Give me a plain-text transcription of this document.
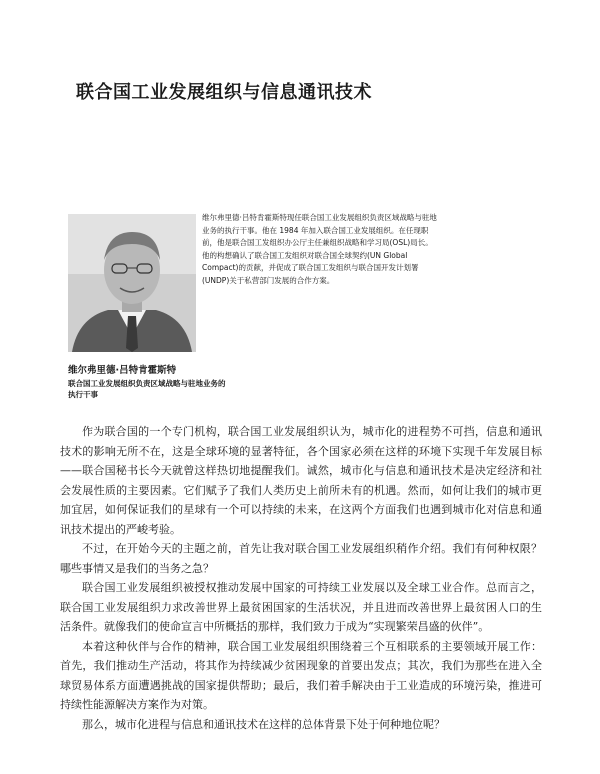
联合国工业发展组织与信息通讯技术
维尔弗里德·吕特肯霍斯特现任联合国工业发展组织负责区域战略与驻地业务的执行干事。他在 1984 年加入联合国工业发展组织。在任现职前，他是联合国工发组织办公厅主任兼组织战略和学习局(OSL)局长。他的构想确认了联合国工发组织对联合国全球契约(UN Global Compact)的贡献，并促成了联合国工发组织与联合国开发计划署(UNDP)关于私营部门发展的合作方案。
维尔弗里德·吕特肯霍斯特
联合国工业发展组织负责区域战略与驻地业务的执行干事

作为联合国的一个专门机构，联合国工业发展组织认为，城市化的进程势不可挡，信息和通讯技术的影响无所不在，这是全球环境的显著特征，各个国家必须在这样的环境下实现千年发展目标——联合国秘书长今天就曾这样热切地提醒我们。诚然，城市化与信息和通讯技术是决定经济和社会发展性质的主要因素。它们赋予了我们人类历史上前所未有的机遇。然而，如何让我们的城市更加宜居，如何保证我们的星球有一个可以持续的未来，在这两个方面我们也遇到城市化对信息和通讯技术提出的严峻考验。

不过，在开始今天的主题之前，首先让我对联合国工业发展组织稍作介绍。我们有何种权限？哪些事情又是我们的当务之急？

联合国工业发展组织被授权推动发展中国家的可持续工业发展以及全球工业合作。总而言之，联合国工业发展组织力求改善世界上最贫困国家的生活状况，并且进而改善世界上最贫困人口的生活条件。就像我们的使命宣言中所概括的那样，我们致力于成为“实现繁荣昌盛的伙伴”。

本着这种伙伴与合作的精神，联合国工业发展组织围绕着三个互相联系的主要领域开展工作：首先，我们推动生产活动，将其作为持续减少贫困现象的首要出发点；其次，我们为那些在进入全球贸易体系方面遭遇挑战的国家提供帮助；最后，我们着手解决由于工业造成的环境污染，推进可持续性能源解决方案作为对策。

那么，城市化进程与信息和通讯技术在这样的总体背景下处于何种地位呢？
